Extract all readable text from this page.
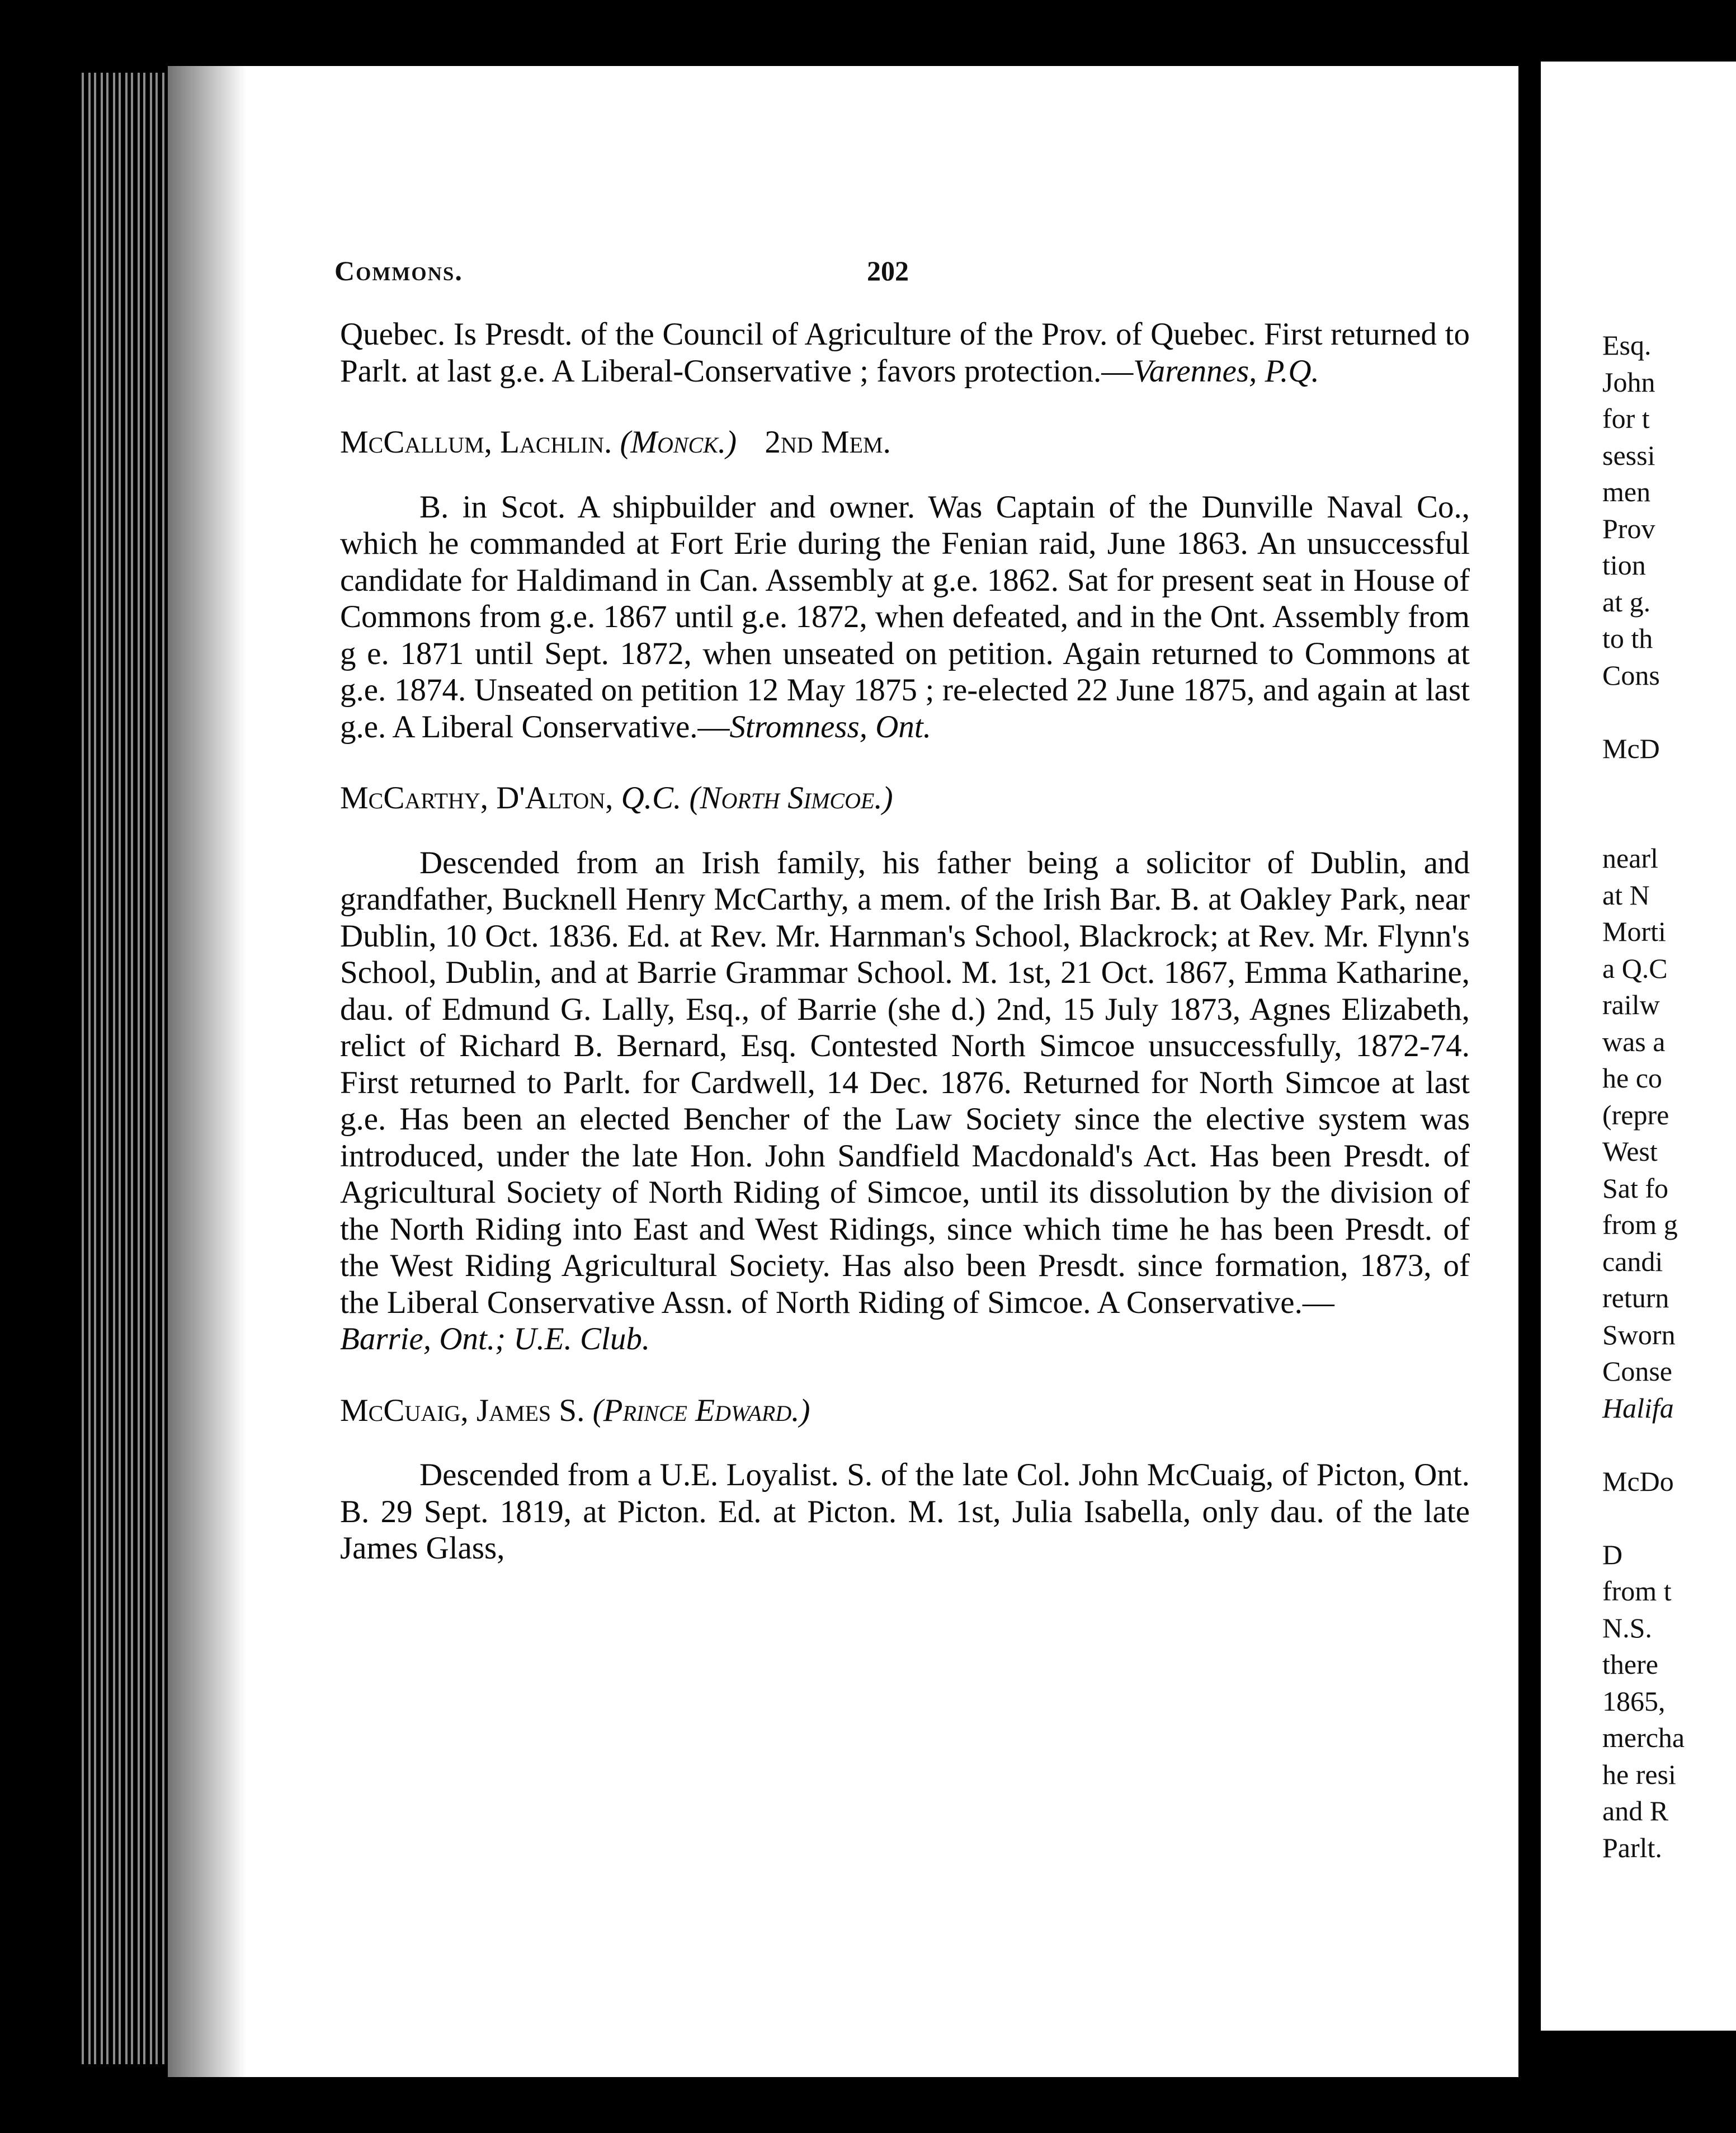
Commons.	202

Quebec. Is Presdt. of the Council of Agriculture of the Prov. of Quebec. First returned to Parlt. at last g.e. A Liberal-Conservative ; favors protection.—Varennes, P.Q.

McCallum, Lachlin. (Monck.) 2nd Mem.

B. in Scot. A shipbuilder and owner. Was Captain of the Dunville Naval Co., which he commanded at Fort Erie during the Fenian raid, June 1863. An unsuccessful candidate for Haldimand in Can. Assembly at g.e. 1862. Sat for present seat in House of Commons from g.e. 1867 until g.e. 1872, when defeated, and in the Ont. Assembly from g e. 1871 until Sept. 1872, when unseated on petition. Again returned to Commons at g.e. 1874. Unseated on petition 12 May 1875 ; re-elected 22 June 1875, and again at last g.e. A Liberal Conservative.—Stromness, Ont.

McCarthy, D'Alton, Q.C. (North Simcoe.)

Descended from an Irish family, his father being a solicitor of Dublin, and grandfather, Bucknell Henry McCarthy, a mem. of the Irish Bar. B. at Oakley Park, near Dublin, 10 Oct. 1836. Ed. at Rev. Mr. Harnman's School, Blackrock; at Rev. Mr. Flynn's School, Dublin, and at Barrie Grammar School. M. 1st, 21 Oct. 1867, Emma Katharine, dau. of Edmund G. Lally, Esq., of Barrie (she d.) 2nd, 15 July 1873, Agnes Elizabeth, relict of Richard B. Bernard, Esq. Contested North Simcoe unsuccessfully, 1872-74. First returned to Parlt. for Cardwell, 14 Dec. 1876. Returned for North Simcoe at last g.e. Has been an elected Bencher of the Law Society since the elective system was introduced, under the late Hon. John Sandfield Macdonald's Act. Has been Presdt. of Agricultural Society of North Riding of Simcoe, until its dissolution by the division of the North Riding into East and West Ridings, since which time he has been Presdt. of the West Riding Agricultural Society. Has also been Presdt. since formation, 1873, of the Liberal Conservative Assn. of North Riding of Simcoe. A Conservative.—
Barrie, Ont.; U.E. Club.

McCuaig, James S. (Prince Edward.)

Descended from a U.E. Loyalist. S. of the late Col. John McCuaig, of Picton, Ont. B. 29 Sept. 1819, at Picton. Ed. at Picton. M. 1st, Julia Isabella, only dau. of the late James Glass,

Esq.
John
for t
sessi
men
Prov
tion
at g.
to th
Cons
McD
nearl
at N
Morti
a Q.C
railw
was a
he co
(repre
West
Sat fo
from g
candi
return
Sworn
Conse
Halifa
McDo
D
from t
N.S.
there
1865,
mercha
he resi
and R
Parlt.
